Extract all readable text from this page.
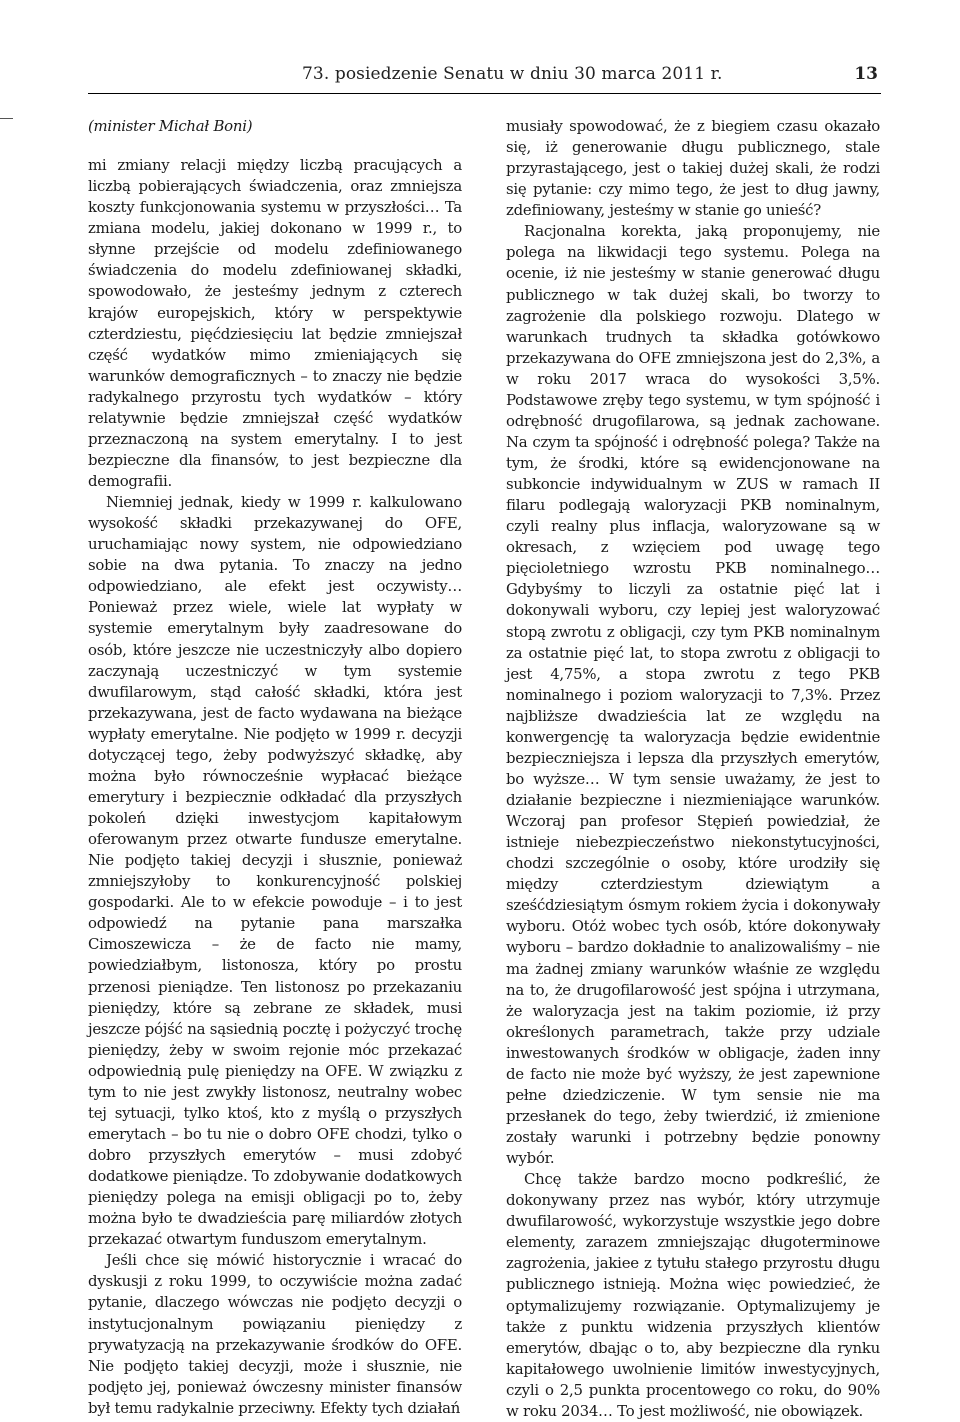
73. posiedzenie Senatu w dniu 30 marca 2011 r.	13

(minister Michał Boni)

mi zmiany relacji między liczbą pracujących a liczbą pobierających świadczenia, oraz zmniejsza koszty funkcjonowania systemu w przyszłości… Ta zmiana modelu, jakiej dokonano w 1999 r., to słynne przejście od modelu zdefiniowanego świadczenia do modelu zdefiniowanej składki, spowodowało, że jesteśmy jednym z czterech krajów europejskich, który w perspektywie czterdziestu, pięćdziesięciu lat będzie zmniejszał część wydatków mimo zmieniających się warunków demograficznych – to znaczy nie będzie radykalnego przyrostu tych wydatków – który relatywnie będzie zmniejszał część wydatków przeznaczoną na system emerytalny. I to jest bezpieczne dla finansów, to jest bezpieczne dla demografii.

Niemniej jednak, kiedy w 1999 r. kalkulowano wysokość składki przekazywanej do OFE, uruchamiając nowy system, nie odpowiedziano sobie na dwa pytania. To znaczy na jedno odpowiedziano, ale efekt jest oczywisty… Ponieważ przez wiele, wiele lat wypłaty w systemie emerytalnym były zaadresowane do osób, które jeszcze nie uczestniczyły albo dopiero zaczynają uczestniczyć w tym systemie dwufilarowym, stąd całość składki, która jest przekazywana, jest de facto wydawana na bieżące wypłaty emerytalne. Nie podjęto w 1999 r. decyzji dotyczącej tego, żeby podwyższyć składkę, aby można było równocześnie wypłacać bieżące emerytury i bezpiecznie odkładać dla przyszłych pokoleń dzięki inwestycjom kapitałowym oferowanym przez otwarte fundusze emerytalne. Nie podjęto takiej decyzji i słusznie, ponieważ zmniejszyłoby to konkurencyjność polskiej gospodarki. Ale to w efekcie powoduje – i to jest odpowiedź na pytanie pana marszałka Cimoszewicza – że de facto nie mamy, powiedziałbym, listonosza, który po prostu przenosi pieniądze. Ten listonosz po przekazaniu pieniędzy, które są zebrane ze składek, musi jeszcze pójść na sąsiednią pocztę i pożyczyć trochę pieniędzy, żeby w swoim rejonie móc przekazać odpowiednią pulę pieniędzy na OFE. W związku z tym to nie jest zwykły listonosz, neutralny wobec tej sytuacji, tylko ktoś, kto z myślą o przyszłych emerytach – bo tu nie o dobro OFE chodzi, tylko o dobro przyszłych emerytów – musi zdobyć dodatkowe pieniądze. To zdobywanie dodatkowych pieniędzy polega na emisji obligacji po to, żeby można było te dwadzieścia parę miliardów złotych przekazać otwartym funduszom emerytalnym.

Jeśli chce się mówić historycznie i wracać do dyskusji z roku 1999, to oczywiście można zadać pytanie, dlaczego wówczas nie podjęto decyzji o instytucjonalnym powiązaniu pieniędzy z prywatyzacją na przekazywanie środków do OFE. Nie podjęto takiej decyzji, może i słusznie, nie podjęto jej, ponieważ ówczesny minister finansów był temu radykalnie przeciwny. Efekty tych działań

musiały spowodować, że z biegiem czasu okazało się, iż generowanie długu publicznego, stale przyrastającego, jest o takiej dużej skali, że rodzi się pytanie: czy mimo tego, że jest to dług jawny, zdefiniowany, jesteśmy w stanie go unieść?

Racjonalna korekta, jaką proponujemy, nie polega na likwidacji tego systemu. Polega na ocenie, iż nie jesteśmy w stanie generować długu publicznego w tak dużej skali, bo tworzy to zagrożenie dla polskiego rozwoju. Dlatego w warunkach trudnych ta składka gotówkowo przekazywana do OFE zmniejszona jest do 2,3%, a w roku 2017 wraca do wysokości 3,5%. Podstawowe zręby tego systemu, w tym spójność i odrębność drugofilarowa, są jednak zachowane. Na czym ta spójność i odrębność polega? Także na tym, że środki, które są ewidencjonowane na subkoncie indywidualnym w ZUS w ramach II filaru podlegają waloryzacji PKB nominalnym, czyli realny plus inflacja, waloryzowane są w okresach, z wzięciem pod uwagę tego pięcioletniego wzrostu PKB nominalnego… Gdybyśmy to liczyli za ostatnie pięć lat i dokonywali wyboru, czy lepiej jest waloryzować stopą zwrotu z obligacji, czy tym PKB nominalnym za ostatnie pięć lat, to stopa zwrotu z obligacji to jest 4,75%, a stopa zwrotu z tego PKB nominalnego i poziom waloryzacji to 7,3%. Przez najbliższe dwadzieścia lat ze względu na konwergencję ta waloryzacja będzie ewidentnie bezpieczniejsza i lepsza dla przyszłych emerytów, bo wyższe… W tym sensie uważamy, że jest to działanie bezpieczne i niezmieniające warunków. Wczoraj pan profesor Stępień powiedział, że istnieje niebezpieczeństwo niekonstytucyjności, chodzi szczególnie o osoby, które urodziły się między czterdziestym dziewiątym a sześćdziesiątym ósmym rokiem życia i dokonywały wyboru. Otóż wobec tych osób, które dokonywały wyboru – bardzo dokładnie to analizowaliśmy – nie ma żadnej zmiany warunków właśnie ze względu na to, że drugofilarowość jest spójna i utrzymana, że waloryzacja jest na takim poziomie, iż przy określonych parametrach, także przy udziale inwestowanych środków w obligacje, żaden inny de facto nie może być wyższy, że jest zapewnione pełne dziedziczenie. W tym sensie nie ma przesłanek do tego, żeby twierdzić, iż zmienione zostały warunki i potrzebny będzie ponowny wybór.

Chcę także bardzo mocno podkreślić, że dokonywany przez nas wybór, który utrzymuje dwufilarowość, wykorzystuje wszystkie jego dobre elementy, zarazem zmniejszając długoterminowe zagrożenia, jakiee z tytułu stałego przyrostu długu publicznego istnieją. Można więc powiedzieć, że optymalizujemy rozwiązanie. Optymalizujemy je także z punktu widzenia przyszłych klientów emerytów, dbając o to, aby bezpieczne dla rynku kapitałowego uwolnienie limitów inwestycyjnych, czyli o 2,5 punkta procentowego co roku, do 90% w roku 2034… To jest możliwość, nie obowiązek.
